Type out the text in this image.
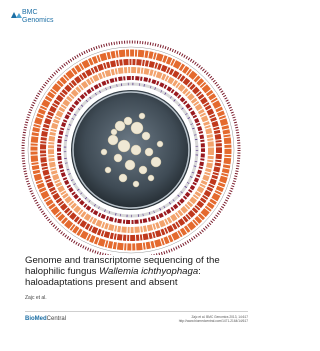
BMC
Genomics
Genome and transcriptome sequencing of the
halophilic fungus Wallemia ichthyophaga:
haloadaptations present and absent
Zajc et al.
BioMedCentral	Zajc et al. BMC Genomics 2013, 14:617
http://www.biomedcentral.com/1471-2164/14/617
